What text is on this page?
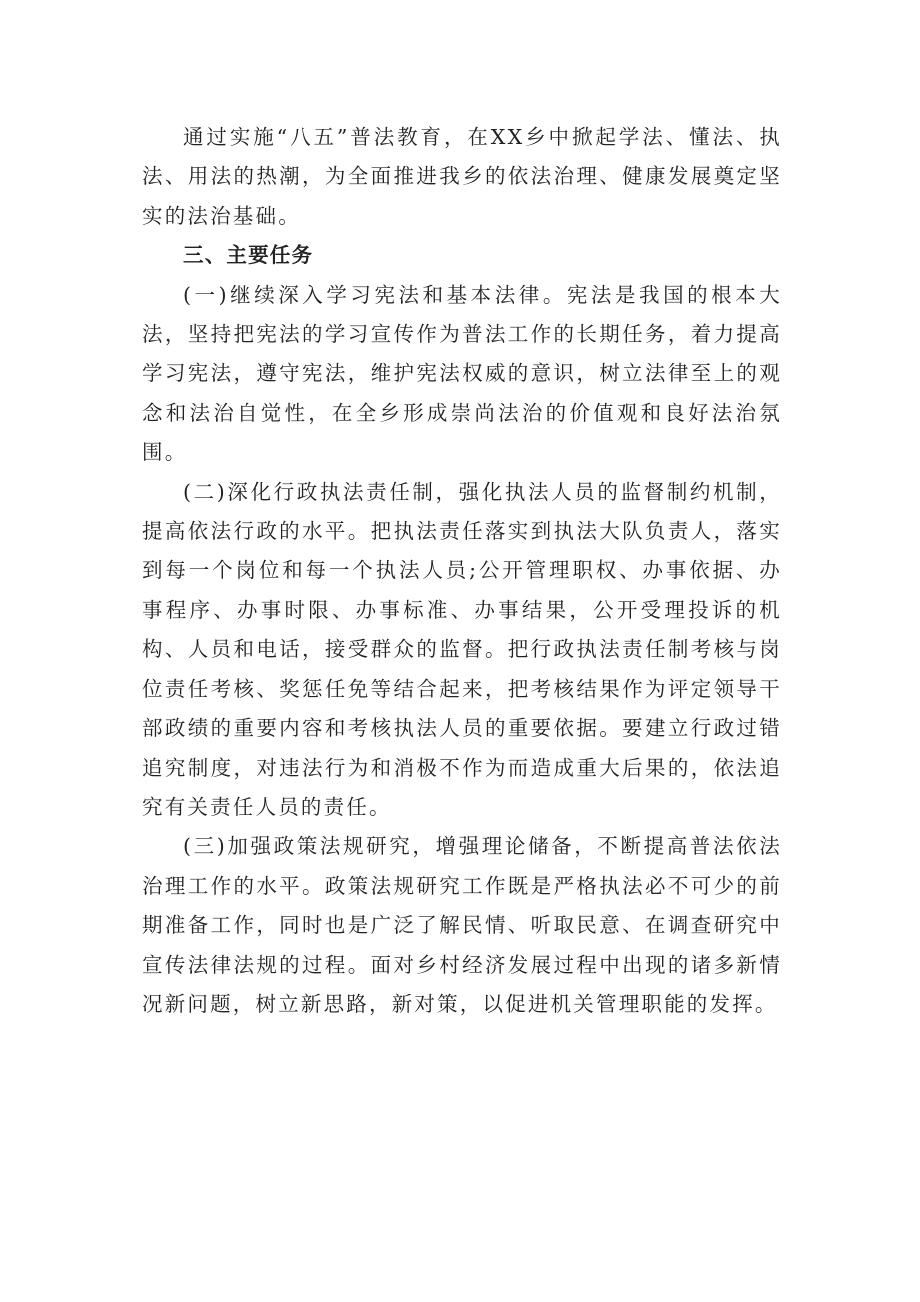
通过实施“八五”普法教育，在XX乡中掀起学法、懂法、执法、用法的热潮，为全面推进我乡的依法治理、健康发展奠定坚实的法治基础。

三、主要任务

(一)继续深入学习宪法和基本法律。宪法是我国的根本大法，坚持把宪法的学习宣传作为普法工作的长期任务，着力提高学习宪法，遵守宪法，维护宪法权威的意识，树立法律至上的观念和法治自觉性，在全乡形成崇尚法治的价值观和良好法治氛围。

(二)深化行政执法责任制，强化执法人员的监督制约机制，提高依法行政的水平。把执法责任落实到执法大队负责人，落实到每一个岗位和每一个执法人员;公开管理职权、办事依据、办事程序、办事时限、办事标准、办事结果，公开受理投诉的机构、人员和电话，接受群众的监督。把行政执法责任制考核与岗位责任考核、奖惩任免等结合起来，把考核结果作为评定领导干部政绩的重要内容和考核执法人员的重要依据。要建立行政过错追究制度，对违法行为和消极不作为而造成重大后果的，依法追究有关责任人员的责任。

(三)加强政策法规研究，增强理论储备，不断提高普法依法治理工作的水平。政策法规研究工作既是严格执法必不可少的前期准备工作，同时也是广泛了解民情、听取民意、在调查研究中宣传法律法规的过程。面对乡村经济发展过程中出现的诸多新情况新问题，树立新思路，新对策，以促进机关管理职能的发挥。
